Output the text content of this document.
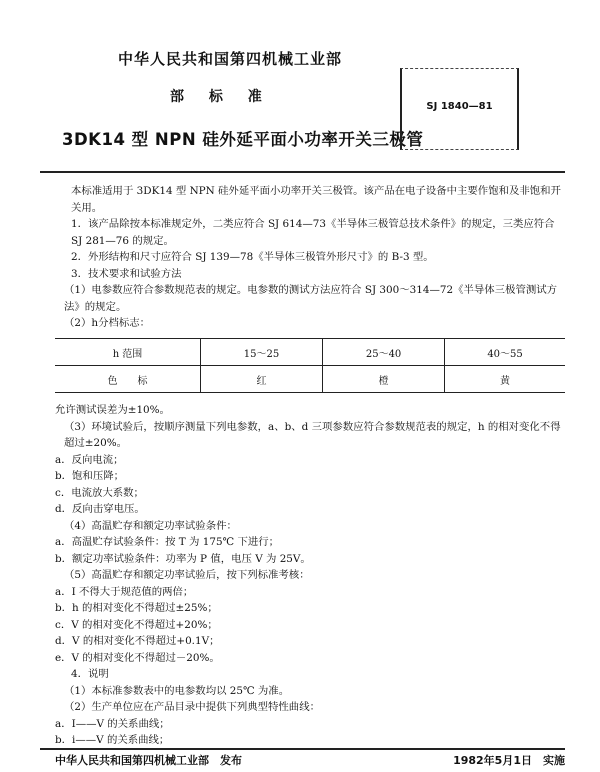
中华人民共和国第四机械工业部
部 标 准
3DK14 型 NPN 硅外延平面小功率开关三极管
SJ 1840—81

本标准适用于 3DK14 型 NPN 硅外延平面小功率开关三极管。该产品在电子设备中主要作饱和及非饱和开关用。

1．该产品除按本标准规定外，二类应符合 SJ 614—73《半导体三极管总技术条件》的规定，三类应符合 SJ 281—76 的规定。

2．外形结构和尺寸应符合 SJ 139—78《半导体三极管外形尺寸》的 B-3 型。

3．技术要求和试验方法

（1）电参数应符合参数规范表的规定。电参数的测试方法应符合 SJ 300～314—72《半导体三极管测试方法》的规定。

（2）h分档标志：

h 范围	15～25	25～40	40～55
色　　标	红	橙	黄

允许测试误差为±10%。

（3）环境试验后，按顺序测量下列电参数，a、b、d 三项参数应符合参数规范表的规定，h 的相对变化不得超过±20%。

a．反向电流；

b．饱和压降；

c．电流放大系数；

d．反向击穿电压。

（4）高温贮存和额定功率试验条件：

a．高温贮存试验条件：按 T 为 175℃ 下进行；

b．额定功率试验条件：功率为 P 值，电压 V 为 25V。

（5）高温贮存和额定功率试验后，按下列标准考核：

a．I 不得大于规范值的两倍；

b．h 的相对变化不得超过±25%；

c．V 的相对变化不得超过+20%；

d．V 的相对变化不得超过+0.1V；

e．V 的相对变化不得超过－20%。

4．说明

（1）本标准参数表中的电参数均以 25℃ 为准。

（2）生产单位应在产品目录中提供下列典型特性曲线：

a．I——V 的关系曲线；

b．i——V 的关系曲线；

中华人民共和国第四机械工业部　发布	1982年5月1日　实施
